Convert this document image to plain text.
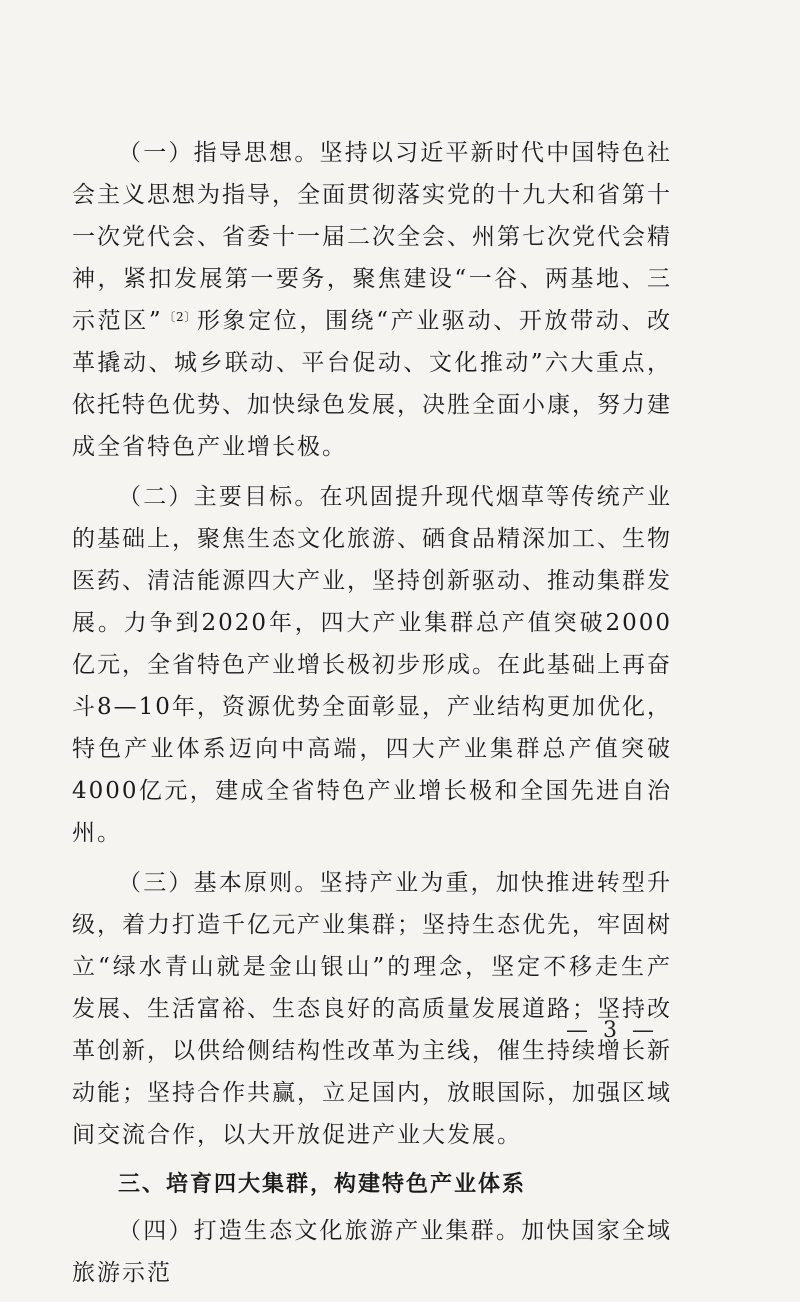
（一）指导思想。坚持以习近平新时代中国特色社会主义思想为指导，全面贯彻落实党的十九大和省第十一次党代会、省委十一届二次全会、州第七次党代会精神，紧扣发展第一要务，聚焦建设“一谷、两基地、三示范区”$^{〔2〕}$形象定位，围绕“产业驱动、开放带动、改革撬动、城乡联动、平台促动、文化推动”六大重点，依托特色优势、加快绿色发展，决胜全面小康，努力建成全省特色产业增长极。

（二）主要目标。在巩固提升现代烟草等传统产业的基础上，聚焦生态文化旅游、硒食品精深加工、生物医药、清洁能源四大产业，坚持创新驱动、推动集群发展。力争到2020年，四大产业集群总产值突破2000亿元，全省特色产业增长极初步形成。在此基础上再奋斗8—10年，资源优势全面彰显，产业结构更加优化，特色产业体系迈向中高端，四大产业集群总产值突破4000亿元，建成全省特色产业增长极和全国先进自治州。

（三）基本原则。坚持产业为重，加快推进转型升级，着力打造千亿元产业集群；坚持生态优先，牢固树立“绿水青山就是金山银山”的理念，坚定不移走生产发展、生活富裕、生态良好的高质量发展道路；坚持改革创新，以供给侧结构性改革为主线，催生持续增长新动能；坚持合作共赢，立足国内，放眼国际，加强区域间交流合作，以大开放促进产业大发展。

三、培育四大集群，构建特色产业体系

（四）打造生态文化旅游产业集群。加快国家全域旅游示范

— 3 —
